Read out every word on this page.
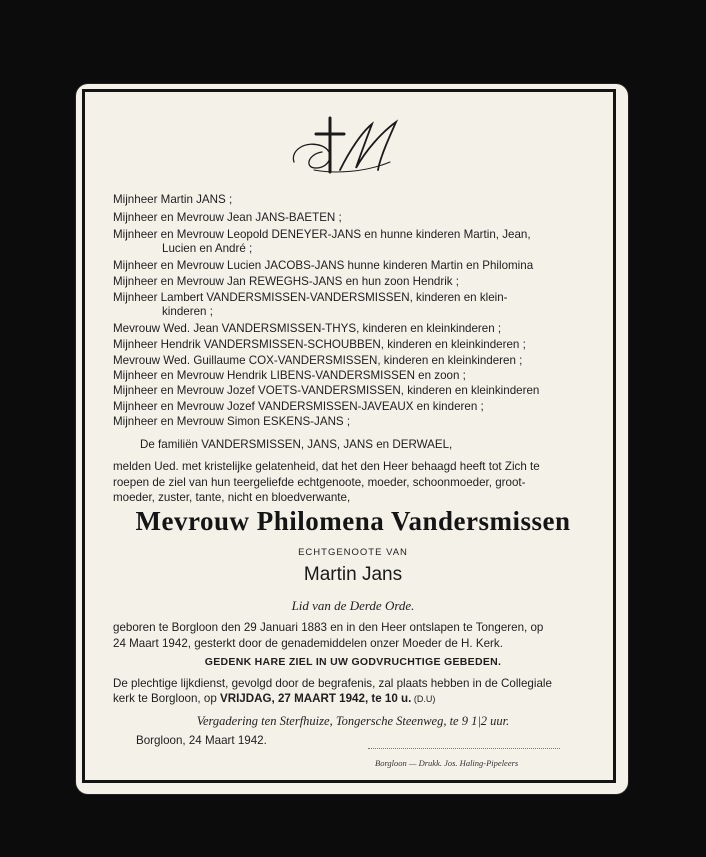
Mijnheer Martin JANS ;
Mijnheer en Mevrouw Jean JANS-BAETEN ;
Mijnheer en Mevrouw Leopold DENEYER-JANS en hunne kinderen Martin, Jean,
Lucien en André ;
Mijnheer en Mevrouw Lucien JACOBS-JANS hunne kinderen Martin en Philomina
Mijnheer en Mevrouw Jan REWEGHS-JANS en hun zoon Hendrik ;
Mijnheer Lambert VANDERSMISSEN-VANDERSMISSEN, kinderen en klein-
kinderen ;
Mevrouw Wed. Jean VANDERSMISSEN-THYS, kinderen en kleinkinderen ;
Mijnheer Hendrik VANDERSMISSEN-SCHOUBBEN, kinderen en kleinkinderen ;
Mevrouw Wed. Guillaume COX-VANDERSMISSEN, kinderen en kleinkinderen ;
Mijnheer en Mevrouw Hendrik LIBENS-VANDERSMISSEN en zoon ;
Mijnheer en Mevrouw Jozef VOETS-VANDERSMISSEN, kinderen en kleinkinderen
Mijnheer en Mevrouw Jozef VANDERSMISSEN-JAVEAUX en kinderen ;
Mijnheer en Mevrouw Simon ESKENS-JANS ;
De familiën VANDERSMISSEN, JANS, JANS en DERWAEL,
melden Ued. met kristelijke gelatenheid, dat het den Heer behaagd heeft tot Zich te
roepen de ziel van hun teergeliefde echtgenoote, moeder, schoonmoeder, groot-
moeder, zuster, tante, nicht en bloedverwante,
Mevrouw Philomena Vandersmissen
ECHTGENOOTE VAN
Martin Jans
Lid van de Derde Orde.
geboren te Borgloon den 29 Januari 1883 en in den Heer ontslapen te Tongeren, op
24 Maart 1942, gesterkt door de genademiddelen onzer Moeder de H. Kerk.
GEDENK HARE ZIEL IN UW GODVRUCHTIGE GEBEDEN.
De plechtige lijkdienst, gevolgd door de begrafenis, zal plaats hebben in de Collegiale
kerk te Borgloon, op VRIJDAG, 27 MAART 1942, te 10 u. (D.U)
Vergadering ten Sterfhuize, Tongersche Steenweg, te 9 1|2 uur.
Borgloon, 24 Maart 1942.
Borgloon — Drukk. Jos. Haling-Pipeleers
